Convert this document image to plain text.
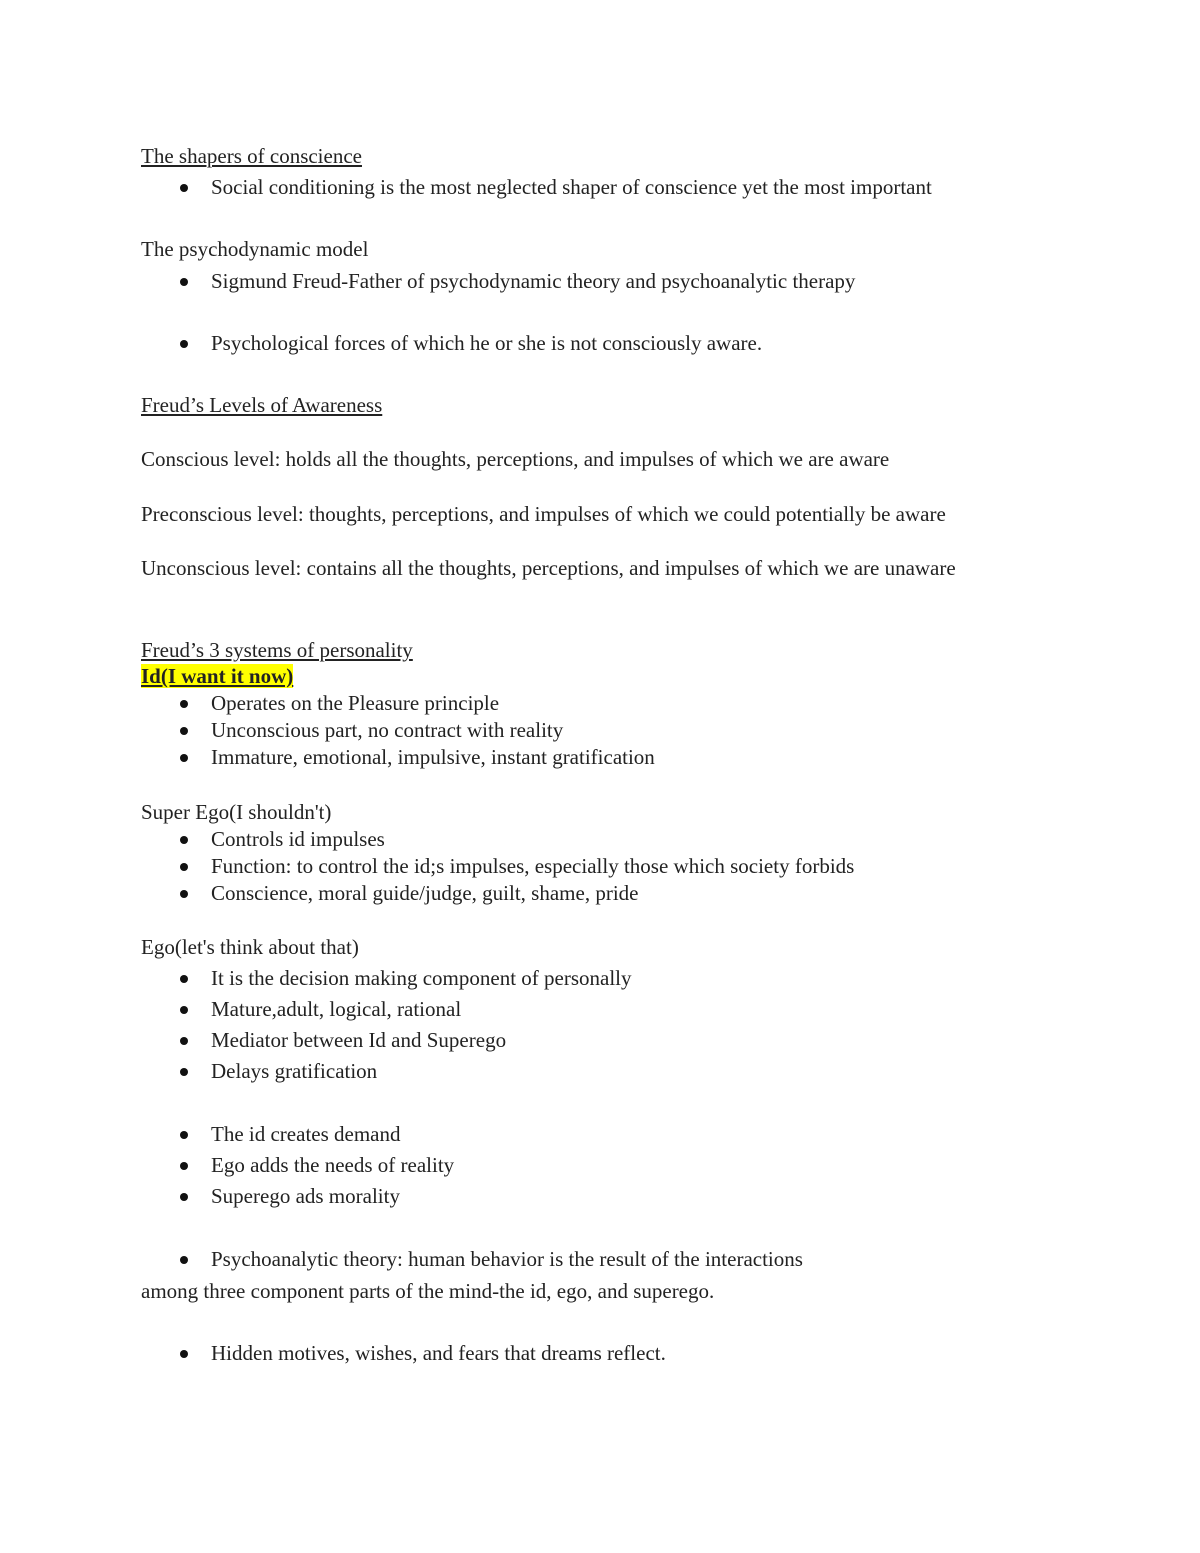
The shapers of conscience
Social conditioning is the most neglected shaper of conscience yet the most important
The psychodynamic model
Sigmund Freud-Father of psychodynamic theory and psychoanalytic therapy
Psychological forces of which he or she is not consciously aware.
Freud’s Levels of Awareness
Conscious level: holds all the thoughts, perceptions, and impulses of which we are aware
Preconscious level: thoughts, perceptions, and impulses of which we could potentially be aware
Unconscious level: contains all the thoughts, perceptions, and impulses of which we are unaware
Freud’s 3 systems of personality
Id(I want it now)
Operates on the Pleasure principle
Unconscious part, no contract with reality
Immature, emotional, impulsive, instant gratification
Super Ego(I shouldn't)
Controls id impulses
Function: to control the id;s impulses, especially those which society forbids
Conscience, moral guide/judge, guilt, shame, pride
Ego(let's think about that)
It is the decision making component of personally
Mature,adult, logical, rational
Mediator between Id and Superego
Delays gratification
The id creates demand
Ego adds the needs of reality
Superego ads morality
Psychoanalytic theory: human behavior is the result of the interactions
among three component parts of the mind-the id, ego, and superego.
Hidden motives, wishes, and fears that dreams reflect.
